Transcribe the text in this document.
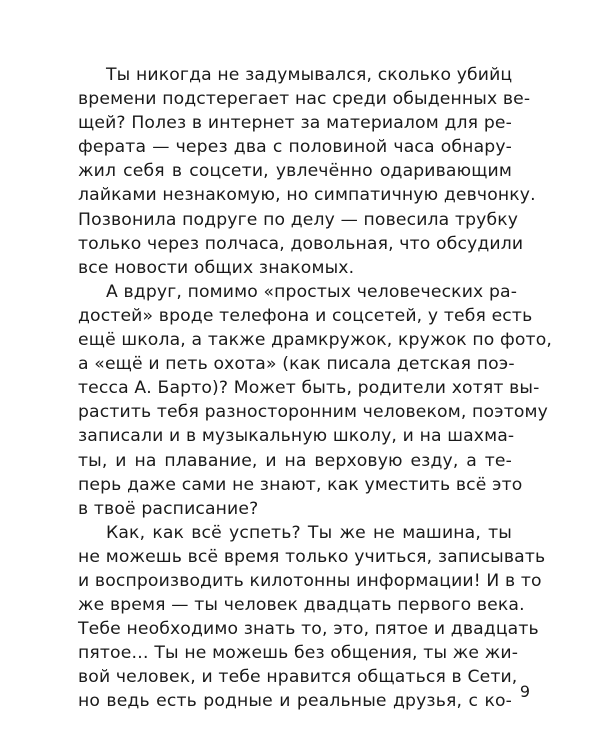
Ты никогда не задумывался, сколько убийц
времени подстерегает нас среди обыденных ве-
щей? Полез в интернет за материалом для ре-
ферата — через два с половиной часа обнару-
жил себя в соцсети, увлечённо одаривающим
лайками незнакомую, но симпатичную девчонку.
Позвонила подруге по делу — повесила трубку
только через полчаса, довольная, что обсудили
все новости общих знакомых.

А вдруг, помимо «простых человеческих ра-
достей» вроде телефона и соцсетей, у тебя есть
ещё школа, а также драмкружок, кружок по фото,
а «ещё и петь охота» (как писала детская поэ-
тесса А. Барто)? Может быть, родители хотят вы-
растить тебя разносторонним человеком, поэтому
записали и в музыкальную школу, и на шахма-
ты, и на плавание, и на верховую езду, а те-
перь даже сами не знают, как уместить всё это
в твоё расписание?

Как, как всё успеть? Ты же не машина, ты
не можешь всё время только учиться, записывать
и воспроизводить килотонны информации! И в то
же время — ты человек двадцать первого века.
Тебе необходимо знать то, это, пятое и двадцать
пятое… Ты не можешь без общения, ты же жи-
вой человек, и тебе нравится общаться в Сети,
но ведь есть родные и реальные друзья, с ко- 9
